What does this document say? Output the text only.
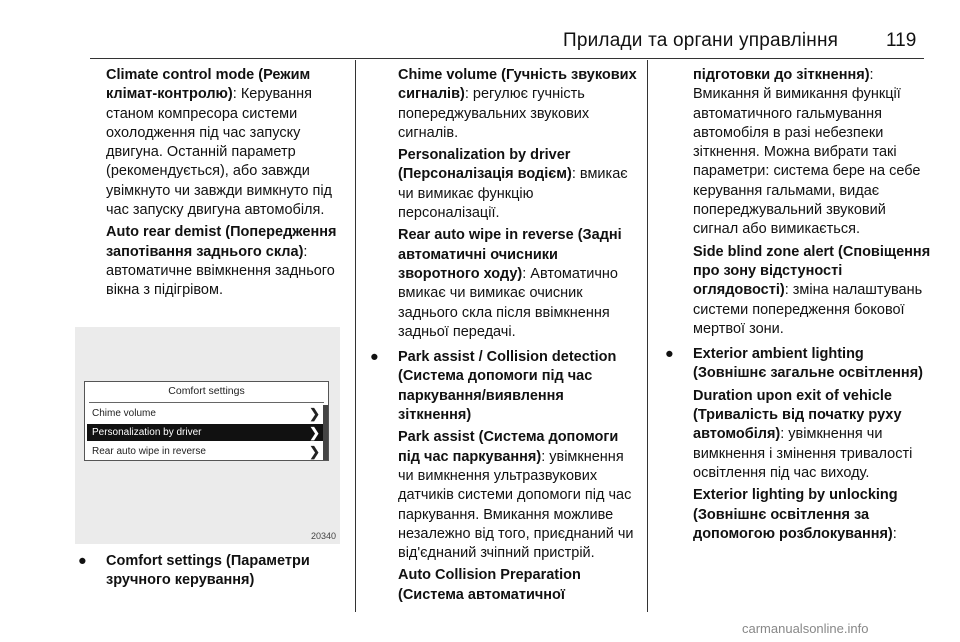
Прилади та органи управління	119

Climate control mode (Режим клімат-контролю): Керування станом компресора системи охолодження під час запуску двигуна. Останній параметр (рекомендується), або завжди увімкнуто чи завжди вимкнуто під час запуску двигуна автомобіля.

Auto rear demist (Попередження запотівання заднього скла): автоматичне ввімкнення заднього вікна з підігрівом.

Comfort settings
Chime volume	❯
Personalization by driver	❯
Rear auto wipe in reverse	❯
20340
● Comfort settings (Параметри зручного керування)

Chime volume (Гучність звукових сигналів): регулює гучність попереджувальних звукових сигналів.

Personalization by driver (Персоналізація водієм): вмикає чи вимикає функцію персоналізації.

Rear auto wipe in reverse (Задні автоматичні очисники зворотного ходу): Автоматично вмикає чи вимикає очисник заднього скла після ввімкнення задньої передачі.

● Park assist / Collision detection (Система допомоги під час паркування/виявлення зіткнення)

Park assist (Система допомоги під час паркування): увімкнення чи вимкнення ультразвукових датчиків системи допомоги під час паркування. Вмикання можливе незалежно від того, приєднаний чи від'єднаний зчіпний пристрій.

Auto Collision Preparation (Система автоматичної

підготовки до зіткнення): Вмикання й вимикання функції автоматичного гальмування автомобіля в разі небезпеки зіткнення. Можна вибрати такі параметри: система бере на себе керування гальмами, видає попереджувальний звуковий сигнал або вимикається.

Side blind zone alert (Сповіщення про зону відстуності оглядовості): зміна налаштувань системи попередження бокової мертвої зони.

● Exterior ambient lighting (Зовнішнє загальне освітлення)

Duration upon exit of vehicle (Тривалість від початку руху автомобіля): увімкнення чи вимкнення і змінення тривалості освітлення під час виходу.

Exterior lighting by unlocking (Зовнішнє освітлення за допомогою розблокування):

carmanualsonline.info
